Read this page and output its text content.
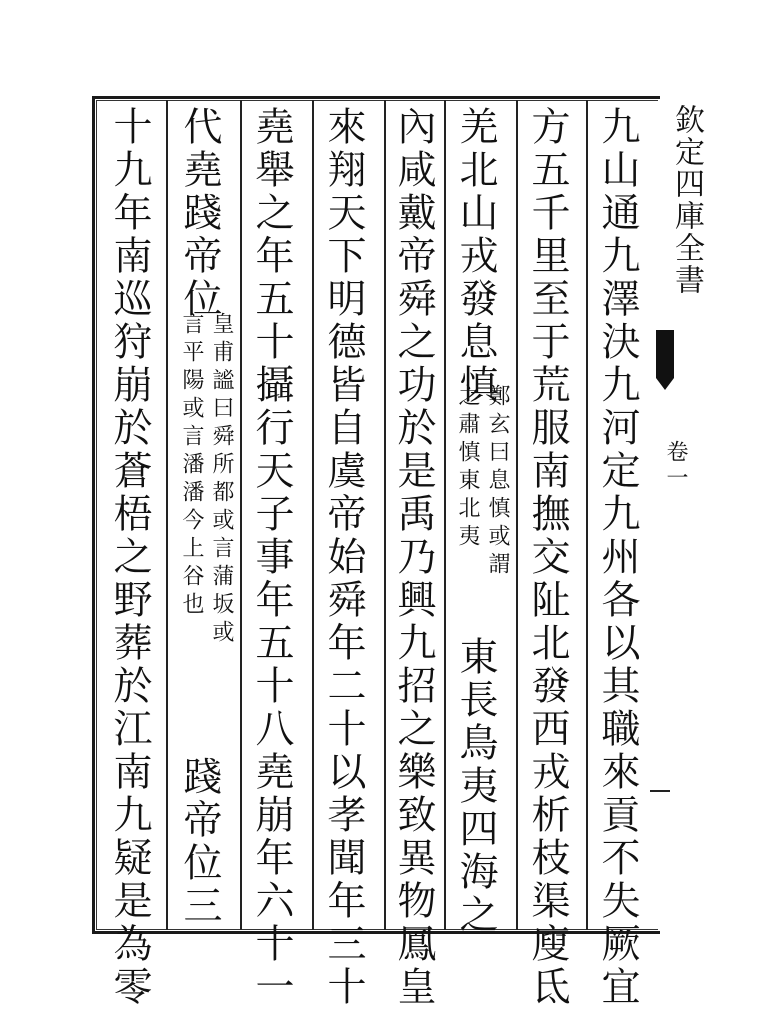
欽定四庫全書
卷一
九山通九澤決九河定九州各以其職來貢不失厥宜
方五千里至于荒服南撫交阯北發西戎析枝渠廋氐
羌北山戎發息慎
鄭玄曰息慎或謂
之肅慎東北夷
東長鳥夷四海之
內咸戴帝舜之功於是禹乃興九招之樂致異物鳳皇
來翔天下明德皆自虞帝始舜年二十以孝聞年三十
堯舉之年五十攝行天子事年五十八堯崩年六十一
代堯踐帝位
皇甫謐曰舜所都或言蒲坂或
言平陽或言潘潘今上谷也
踐帝位三
十九年南巡狩崩於蒼梧之野葬於江南九疑是為零
